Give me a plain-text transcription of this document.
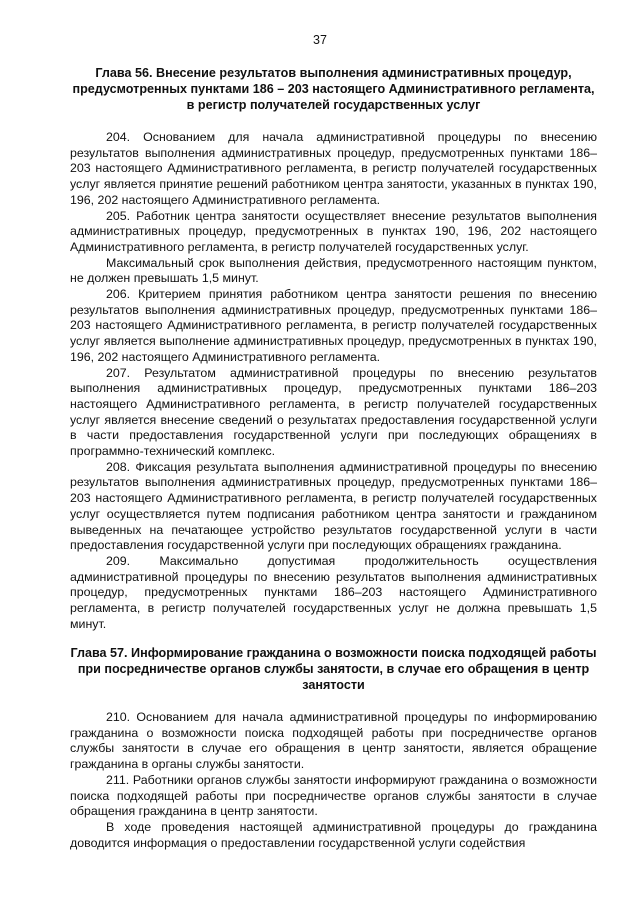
37

Глава 56. Внесение результатов выполнения административных процедур, предусмотренных пунктами 186 – 203 настоящего Административного регламента, в регистр получателей государственных услуг

204. Основанием для начала административной процедуры по внесению результатов выполнения административных процедур, предусмотренных пунктами 186–203 настоящего Административного регламента, в регистр получателей государственных услуг является принятие решений работником центра занятости, указанных в пунктах 190, 196, 202 настоящего Административного регламента.

205. Работник центра занятости осуществляет внесение результатов выполнения административных процедур, предусмотренных в пунктах 190, 196, 202 настоящего Административного регламента, в регистр получателей государственных услуг.

Максимальный срок выполнения действия, предусмотренного настоящим пунктом, не должен превышать 1,5 минут.

206. Критерием принятия работником центра занятости решения по внесению результатов выполнения административных процедур, предусмотренных пунктами 186–203 настоящего Административного регламента, в регистр получателей государственных услуг является выполнение административных процедур, предусмотренных в пунктах 190, 196, 202 настоящего Административного регламента.

207. Результатом административной процедуры по внесению результатов выполнения административных процедур, предусмотренных пунктами 186–203 настоящего Административного регламента, в регистр получателей государственных услуг является внесение сведений о результатах предоставления государственной услуги в части предоставления государственной услуги при последующих обращениях в программно-технический комплекс.

208. Фиксация результата выполнения административной процедуры по внесению результатов выполнения административных процедур, предусмотренных пунктами 186–203 настоящего Административного регламента, в регистр получателей государственных услуг осуществляется путем подписания работником центра занятости и гражданином выведенных на печатающее устройство результатов государственной услуги в части предоставления государственной услуги при последующих обращениях гражданина.

209. Максимально допустимая продолжительность осуществления административной процедуры по внесению результатов выполнения административных процедур, предусмотренных пунктами 186–203 настоящего Административного регламента, в регистр получателей государственных услуг не должна превышать 1,5 минут.

Глава 57. Информирование гражданина о возможности поиска подходящей работы при посредничестве органов службы занятости, в случае его обращения в центр занятости

210. Основанием для начала административной процедуры по информированию гражданина о возможности поиска подходящей работы при посредничестве органов службы занятости в случае его обращения в центр занятости, является обращение гражданина в органы службы занятости.

211. Работники органов службы занятости информируют гражданина о возможности поиска подходящей работы при посредничестве органов службы занятости в случае обращения гражданина в центр занятости.

В ходе проведения настоящей административной процедуры до гражданина доводится информация о предоставлении государственной услуги содействия
